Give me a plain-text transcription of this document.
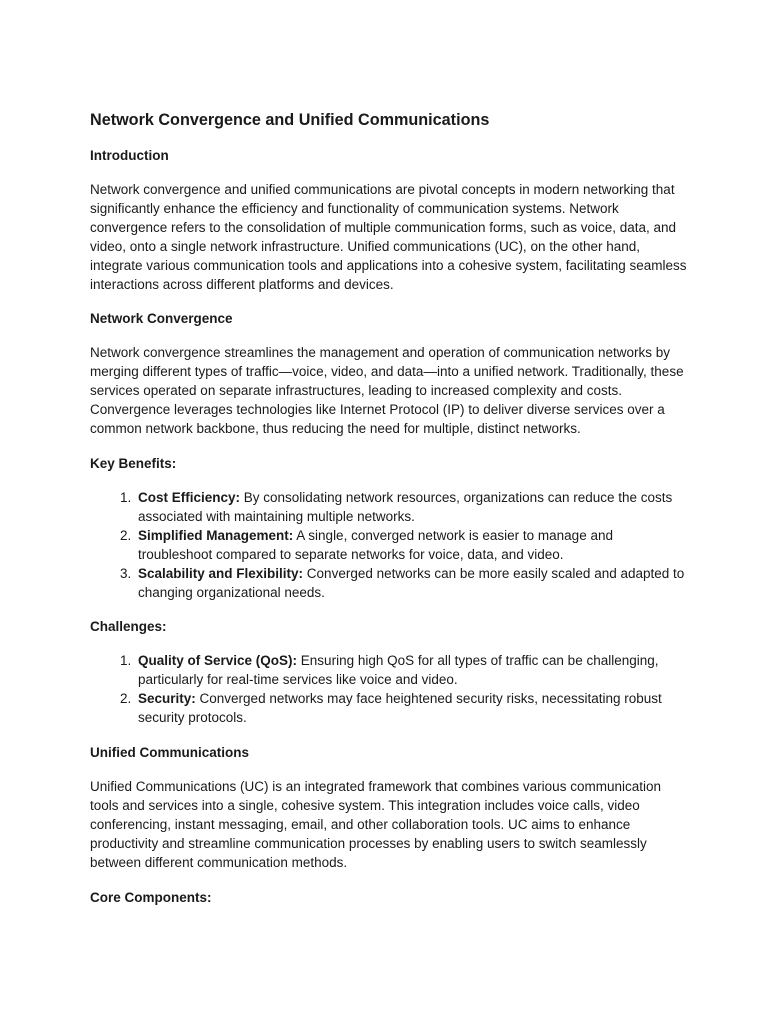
Network Convergence and Unified Communications
Introduction

Network convergence and unified communications are pivotal concepts in modern networking that significantly enhance the efficiency and functionality of communication systems. Network convergence refers to the consolidation of multiple communication forms, such as voice, data, and video, onto a single network infrastructure. Unified communications (UC), on the other hand, integrate various communication tools and applications into a cohesive system, facilitating seamless interactions across different platforms and devices.

Network Convergence

Network convergence streamlines the management and operation of communication networks by merging different types of traffic—voice, video, and data—into a unified network. Traditionally, these services operated on separate infrastructures, leading to increased complexity and costs. Convergence leverages technologies like Internet Protocol (IP) to deliver diverse services over a common network backbone, thus reducing the need for multiple, distinct networks.

Key Benefits:
1. Cost Efficiency: By consolidating network resources, organizations can reduce the costs associated with maintaining multiple networks.
2. Simplified Management: A single, converged network is easier to manage and troubleshoot compared to separate networks for voice, data, and video.
3. Scalability and Flexibility: Converged networks can be more easily scaled and adapted to changing organizational needs.
Challenges:
1. Quality of Service (QoS): Ensuring high QoS for all types of traffic can be challenging, particularly for real-time services like voice and video.
2. Security: Converged networks may face heightened security risks, necessitating robust security protocols.
Unified Communications

Unified Communications (UC) is an integrated framework that combines various communication tools and services into a single, cohesive system. This integration includes voice calls, video conferencing, instant messaging, email, and other collaboration tools. UC aims to enhance productivity and streamline communication processes by enabling users to switch seamlessly between different communication methods.

Core Components:
